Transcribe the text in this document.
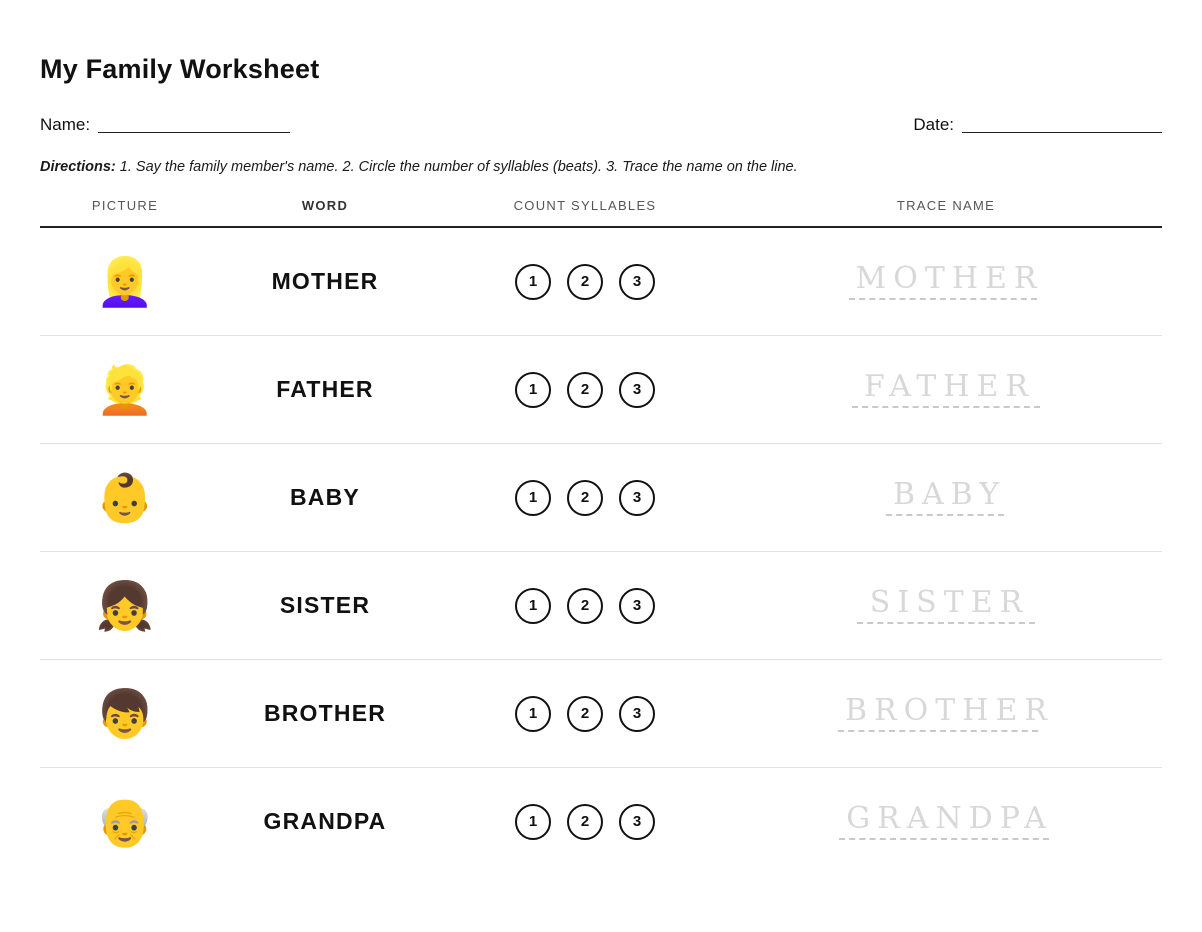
My Family Worksheet
Name:	Date:
Directions: 1. Say the family member's name. 2. Circle the number of syllables (beats). 3. Trace the name on the line.
PICTURE	WORD	COUNT SYLLABLES	TRACE NAME
👱‍♀️	MOTHER	1 2 3	MOTHER

👱	FATHER	1 2 3	FATHER

👶	BABY	1 2 3	BABY

👧	SISTER	1 2 3	SISTER

👦	BROTHER	1 2 3	BROTHER

👴	GRANDPA	1 2 3	GRANDPA
